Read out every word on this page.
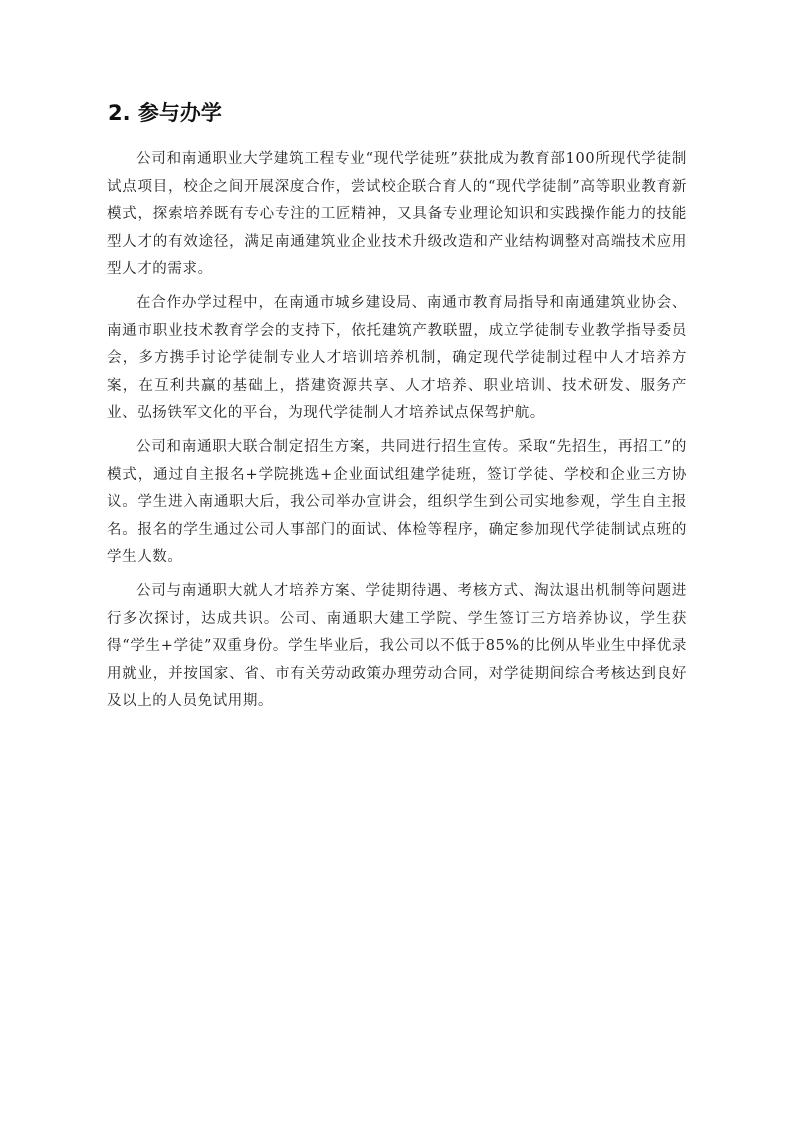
2. 参与办学

公司和南通职业大学建筑工程专业“现代学徒班”获批成为教育部100所现代学徒制试点项目，校企之间开展深度合作，尝试校企联合育人的“现代学徒制”高等职业教育新模式，探索培养既有专心专注的工匠精神，又具备专业理论知识和实践操作能力的技能型人才的有效途径，满足南通建筑业企业技术升级改造和产业结构调整对高端技术应用型人才的需求。

在合作办学过程中，在南通市城乡建设局、南通市教育局指导和南通建筑业协会、南通市职业技术教育学会的支持下，依托建筑产教联盟，成立学徒制专业教学指导委员会，多方携手讨论学徒制专业人才培训培养机制，确定现代学徒制过程中人才培养方案，在互利共赢的基础上，搭建资源共享、人才培养、职业培训、技术研发、服务产业、弘扬铁军文化的平台，为现代学徒制人才培养试点保驾护航。

公司和南通职大联合制定招生方案，共同进行招生宣传。采取“先招生，再招工”的模式，通过自主报名+学院挑选+企业面试组建学徒班，签订学徒、学校和企业三方协议。学生进入南通职大后，我公司举办宣讲会，组织学生到公司实地参观，学生自主报名。报名的学生通过公司人事部门的面试、体检等程序，确定参加现代学徒制试点班的学生人数。

公司与南通职大就人才培养方案、学徒期待遇、考核方式、淘汰退出机制等问题进行多次探讨，达成共识。公司、南通职大建工学院、学生签订三方培养协议，学生获得“学生+学徒”双重身份。学生毕业后，我公司以不低于85%的比例从毕业生中择优录用就业，并按国家、省、市有关劳动政策办理劳动合同，对学徒期间综合考核达到良好及以上的人员免试用期。
